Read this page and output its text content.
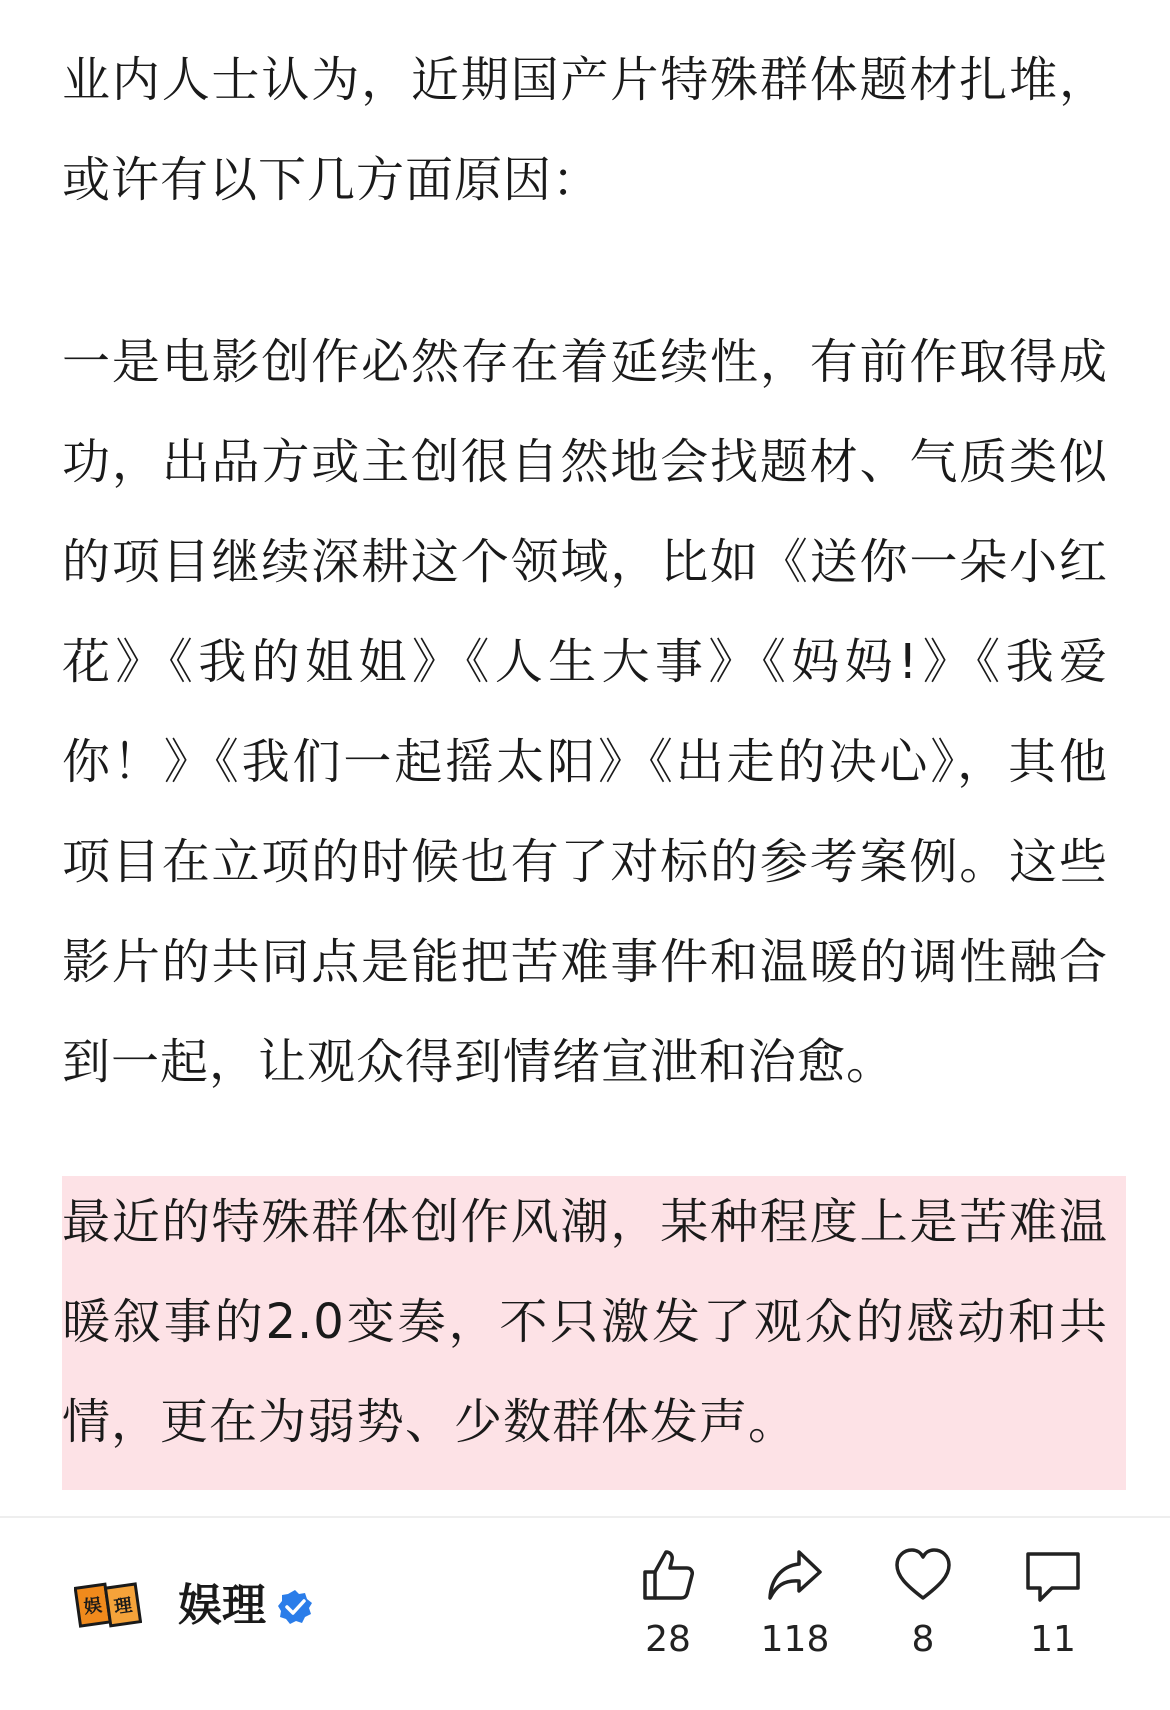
业内人士认为，近期国产片特殊群体题材扎堆，或许有以下几方面原因：

一是电影创作必然存在着延续性，有前作取得成功，出品方或主创很自然地会找题材、气质类似的项目继续深耕这个领域，比如《送你一朵小红花》《我的姐姐》《人生大事》《妈妈!》《我爱你！》《我们一起摇太阳》《出走的决心》，其他项目在立项的时候也有了对标的参考案例。这些影片的共同点是能把苦难事件和温暖的调性融合到一起，让观众得到情绪宣泄和治愈。

最近的特殊群体创作风潮，某种程度上是苦难温暖叙事的2.0变奏，不只激发了观众的感动和共情，更在为弱势、少数群体发声。

娱 理 娱理
28	118	8	11
